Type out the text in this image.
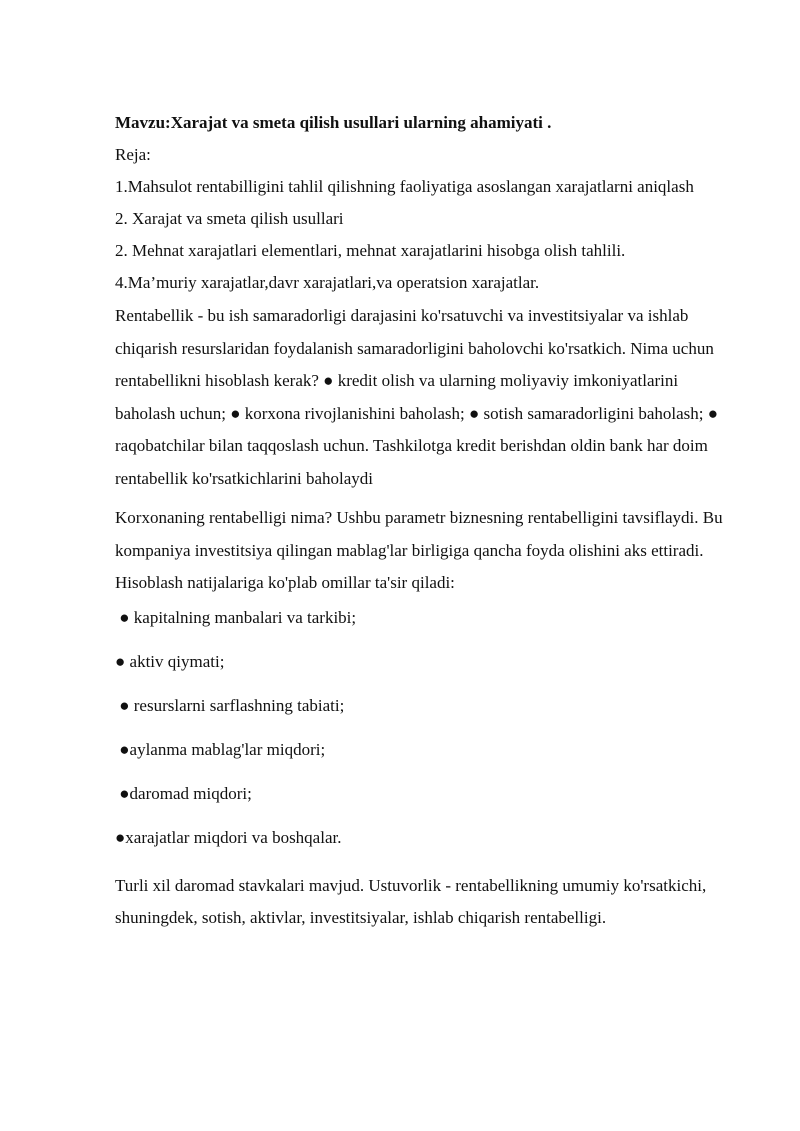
Mavzu:Xarajat va smeta qilish usullari ularning ahamiyati .
Reja:
1.Mahsulot rentabilligini tahlil qilishning faoliyatiga asoslangan xarajatlarni aniqlash
2. Xarajat va smeta qilish usullari
2. Mehnat xarajatlari elementlari, mehnat xarajatlarini hisobga olish tahlili.
4.Ma’muriy xarajatlar,davr xarajatlari,va operatsion xarajatlar.

Rentabellik - bu ish samaradorligi darajasini ko'rsatuvchi va investitsiyalar va ishlab chiqarish resurslaridan foydalanish samaradorligini baholovchi ko'rsatkich. Nima uchun rentabellikni hisoblash kerak? ● kredit olish va ularning moliyaviy imkoniyatlarini baholash uchun; ● korxona rivojlanishini baholash; ● sotish samaradorligini baholash; ● raqobatchilar bilan taqqoslash uchun. Tashkilotga kredit berishdan oldin bank har doim rentabellik ko'rsatkichlarini baholaydi

Korxonaning rentabelligi nima? Ushbu parametr biznesning rentabelligini tavsiflaydi. Bu kompaniya investitsiya qilingan mablag'lar birligiga qancha foyda olishini aks ettiradi. Hisoblash natijalariga ko'plab omillar ta'sir qiladi:

● kapitalning manbalari va tarkibi;
● aktiv qiymati;
● resurslarni sarflashning tabiati;
●aylanma mablag'lar miqdori;
●daromad miqdori;
●xarajatlar miqdori va boshqalar.

Turli xil daromad stavkalari mavjud. Ustuvorlik - rentabellikning umumiy ko'rsatkichi, shuningdek, sotish, aktivlar, investitsiyalar, ishlab chiqarish rentabelligi.
